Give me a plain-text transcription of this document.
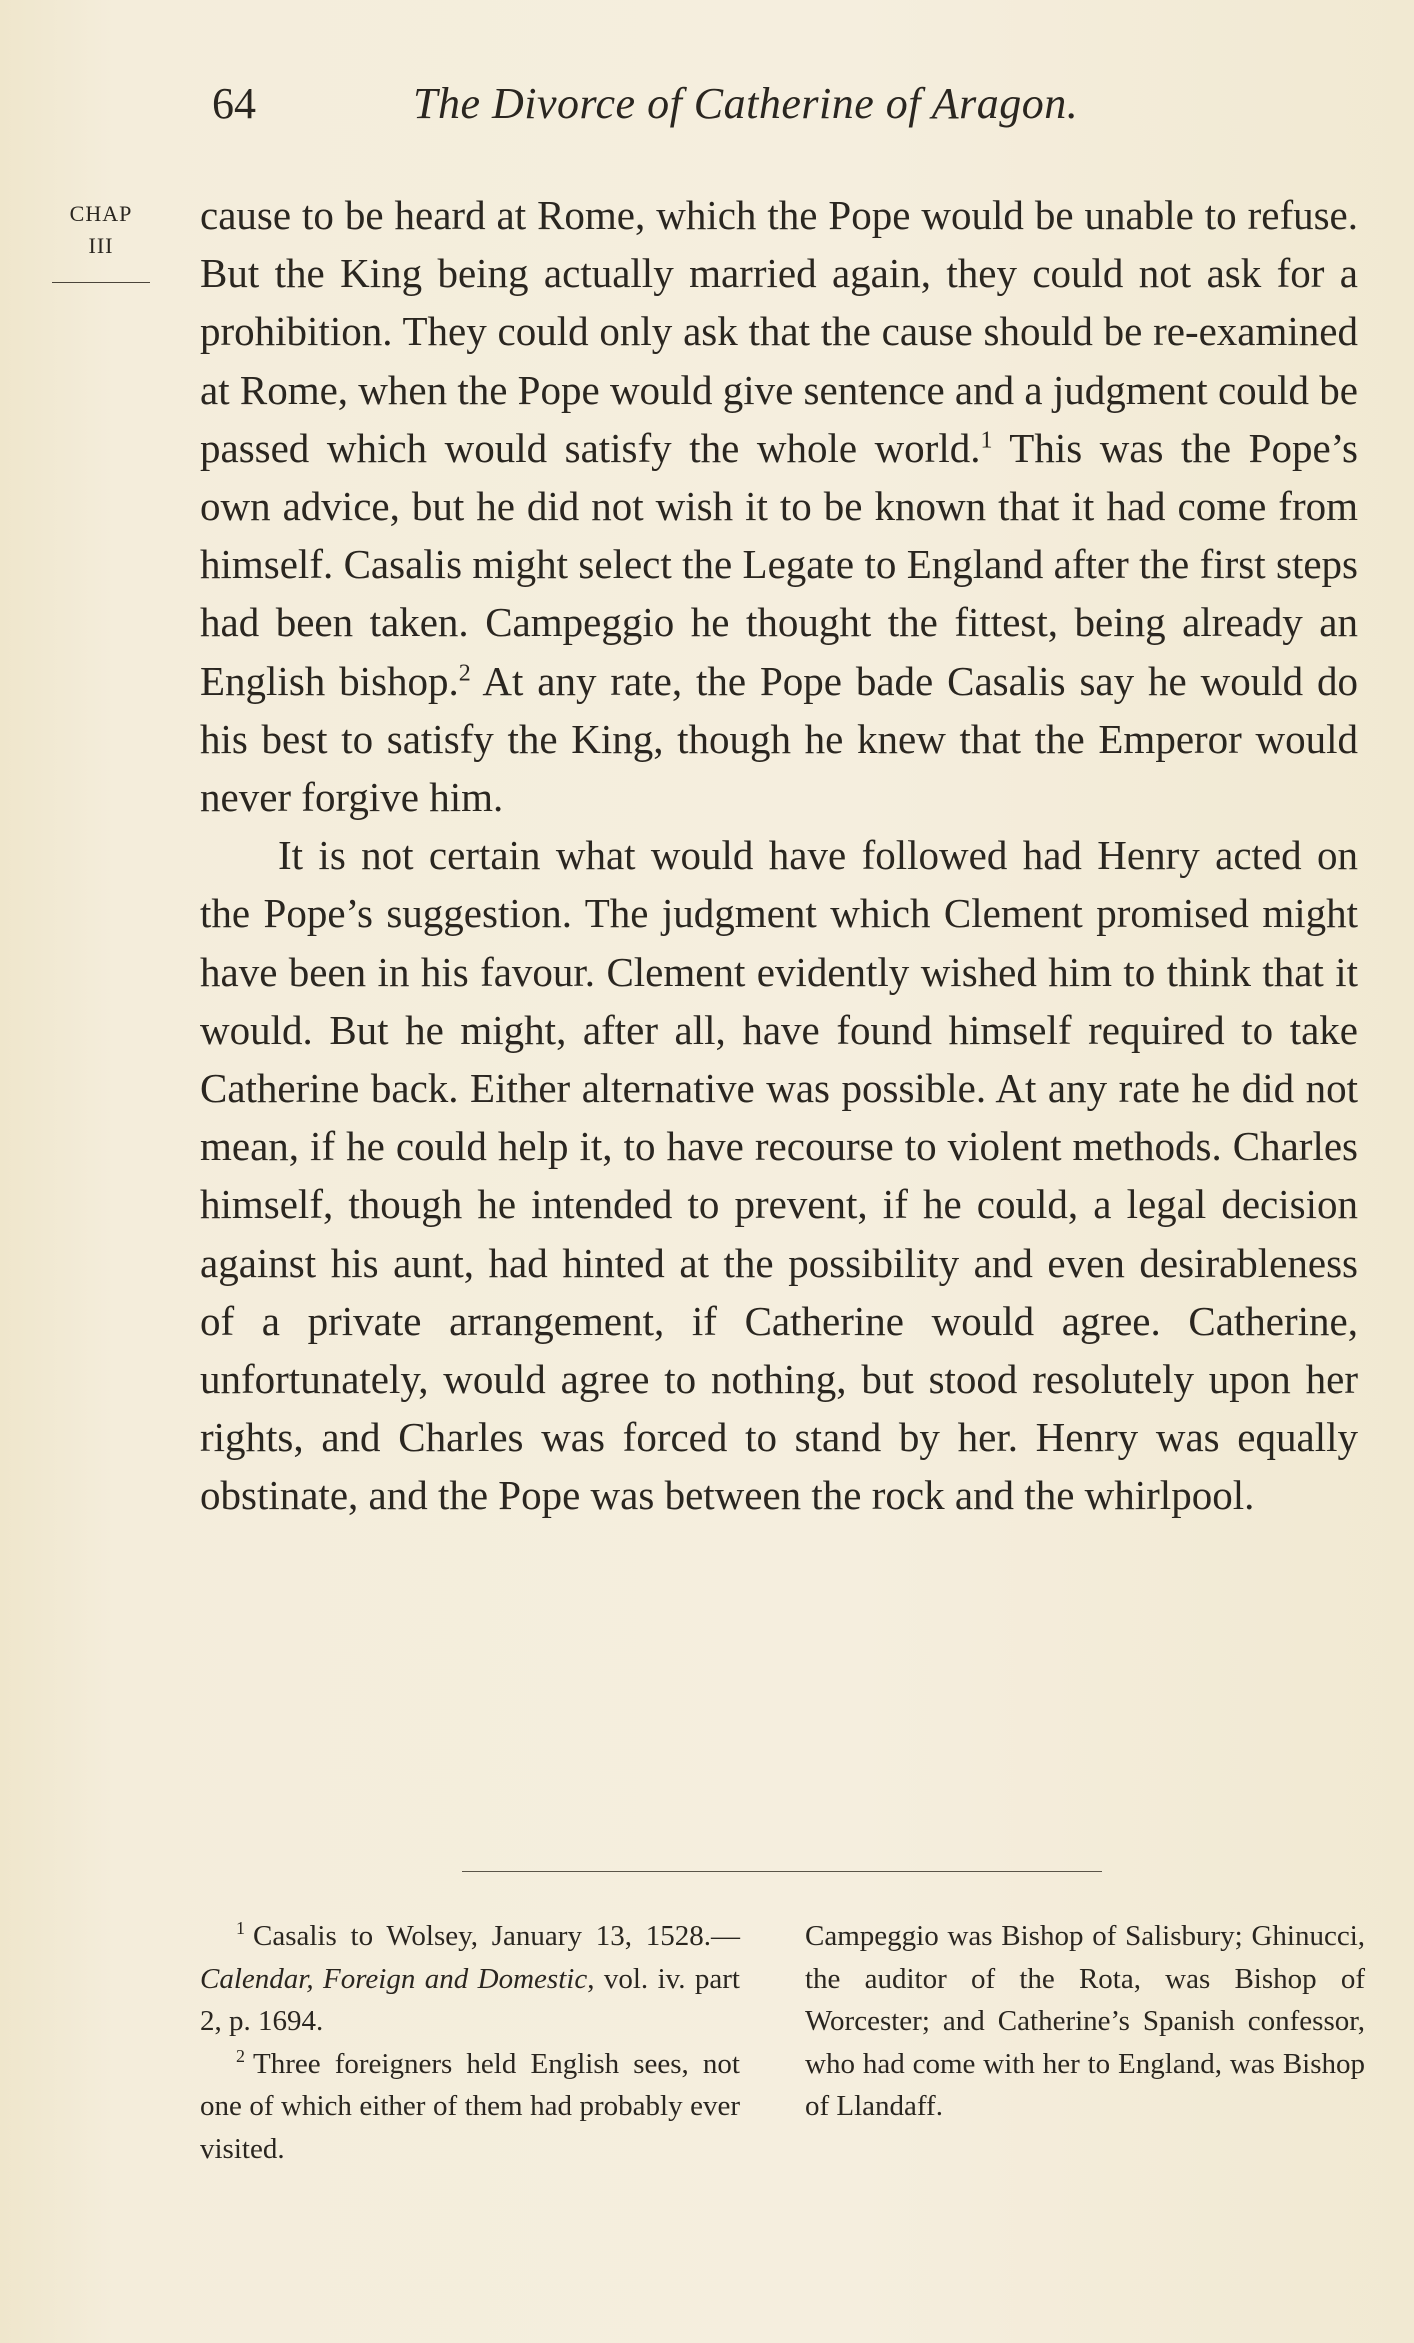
64	The Divorce of Catherine of Aragon.
CHAP
III

cause to be heard at Rome, which the Pope would be unable to refuse. But the King being actually married again, they could not ask for a prohibition. They could only ask that the cause should be re-examined at Rome, when the Pope would give sentence and a judgment could be passed which would satisfy the whole world.$^1$ This was the Pope’s own advice, but he did not wish it to be known that it had come from himself. Casalis might select the Legate to England after the first steps had been taken. Campeggio he thought the fittest, being already an English bishop.$^2$ At any rate, the Pope bade Casalis say he would do his best to satisfy the King, though he knew that the Emperor would never forgive him.

It is not certain what would have followed had Henry acted on the Pope’s suggestion. The judgment which Clement promised might have been in his favour. Clement evidently wished him to think that it would. But he might, after all, have found himself required to take Catherine back. Either alternative was possible. At any rate he did not mean, if he could help it, to have recourse to violent methods. Charles himself, though he intended to prevent, if he could, a legal decision against his aunt, had hinted at the possibility and even desirableness of a private arrangement, if Catherine would agree. Catherine, unfortunately, would agree to nothing, but stood resolutely upon her rights, and Charles was forced to stand by her. Henry was equally obstinate, and the Pope was between the rock and the whirlpool.

$^1$ Casalis to Wolsey, January 13, 1528.—Calendar, Foreign and Domestic, vol. iv. part 2, p. 1694.

$^2$ Three foreigners held English sees, not one of which either of them had probably ever visited.

Campeggio was Bishop of Salisbury; Ghinucci, the auditor of the Rota, was Bishop of Worcester; and Catherine’s Spanish confessor, who had come with her to England, was Bishop of Llandaff.
